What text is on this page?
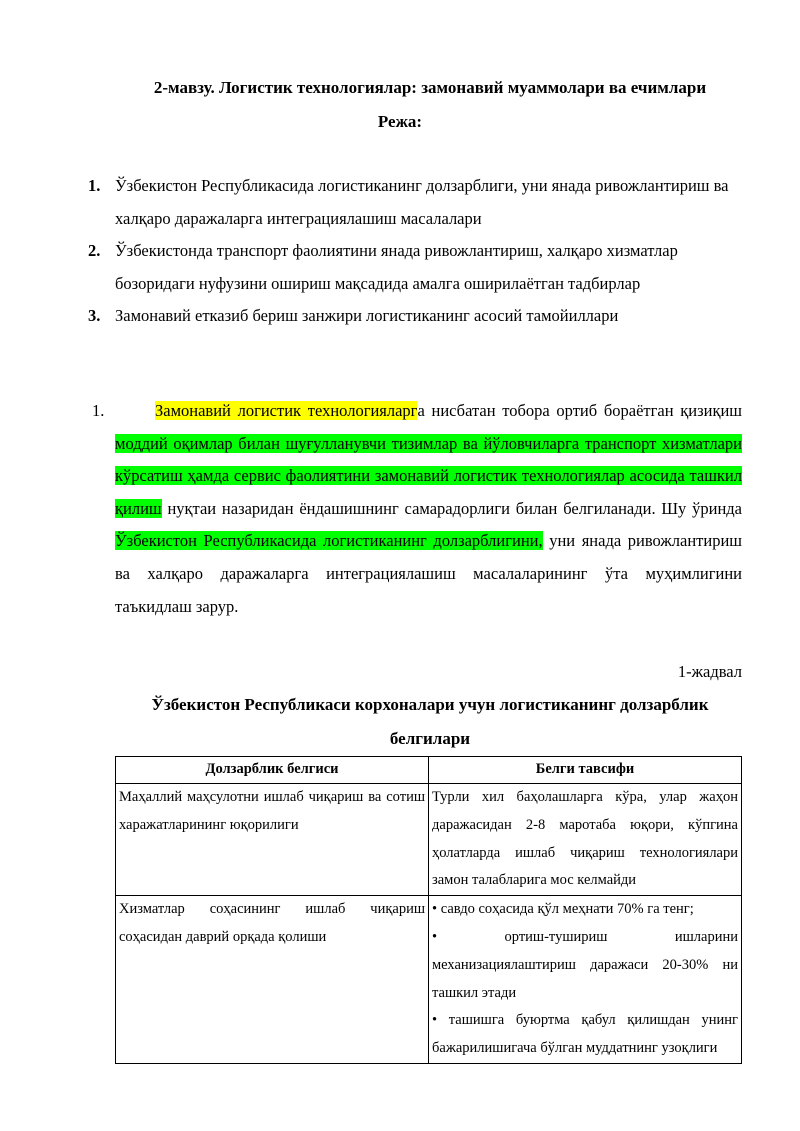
2-мавзу. Логистик технологиялар: замонавий муаммолари ва ечимлари
Режа:
1. Ўзбекистон Республикасида логистиканинг долзарблиги, уни янада ривожлантириш ва халқаро даражаларга интеграциялашиш масалалари
2. Ўзбекистонда транспорт фаолиятини янада ривожлантириш, халқаро хизматлар бозоридаги нуфузини ошириш мақсадида амалга оширилаётган тадбирлар
3. Замонавий етказиб бериш занжири логистиканинг асосий тамойиллари

1.	Замонавий логистик технологияларга нисбатан тобора ортиб бораётган қизиқиш моддий оқимлар билан шуғулланувчи тизимлар ва йўловчиларга транспорт хизматлари кўрсатиш ҳамда сервис фаолиятини замонавий логистик технологиялар асосида ташкил қилиш нуқтаи назаридан ёндашишнинг самарадорлиги билан белгиланади. Шу ўринда Ўзбекистон Республикасида логистиканинг долзарблигини, уни янада ривожлантириш ва халқаро даражаларга интеграциялашиш масалаларининг ўта муҳимлигини таъкидлаш зарур.

1-жадвал

Ўзбекистон Республикаси корхоналари учун логистиканинг долзарблик белгилари

Долзарблик белгиси	Белги тавсифи
Маҳаллий маҳсулотни ишлаб чиқариш ва сотиш харажатларининг юқорилиги	Турли хил баҳолашларга кўра, улар жаҳон даражасидан 2-8 маротаба юқори, кўпгина ҳолатларда ишлаб чиқариш технологиялари замон талабларига мос келмайди

Хизматлар соҳасининг ишлаб чиқариш соҳасидан даврий орқада қолиши	• савдо соҳасида қўл меҳнати 70% га тенг;
• ортиш-тушириш ишларини механизациялаштириш даражаси 20-30% ни ташкил этади
• ташишга буюртма қабул қилишдан унинг бажарилишигача бўлган муддатнинг узоқлиги
